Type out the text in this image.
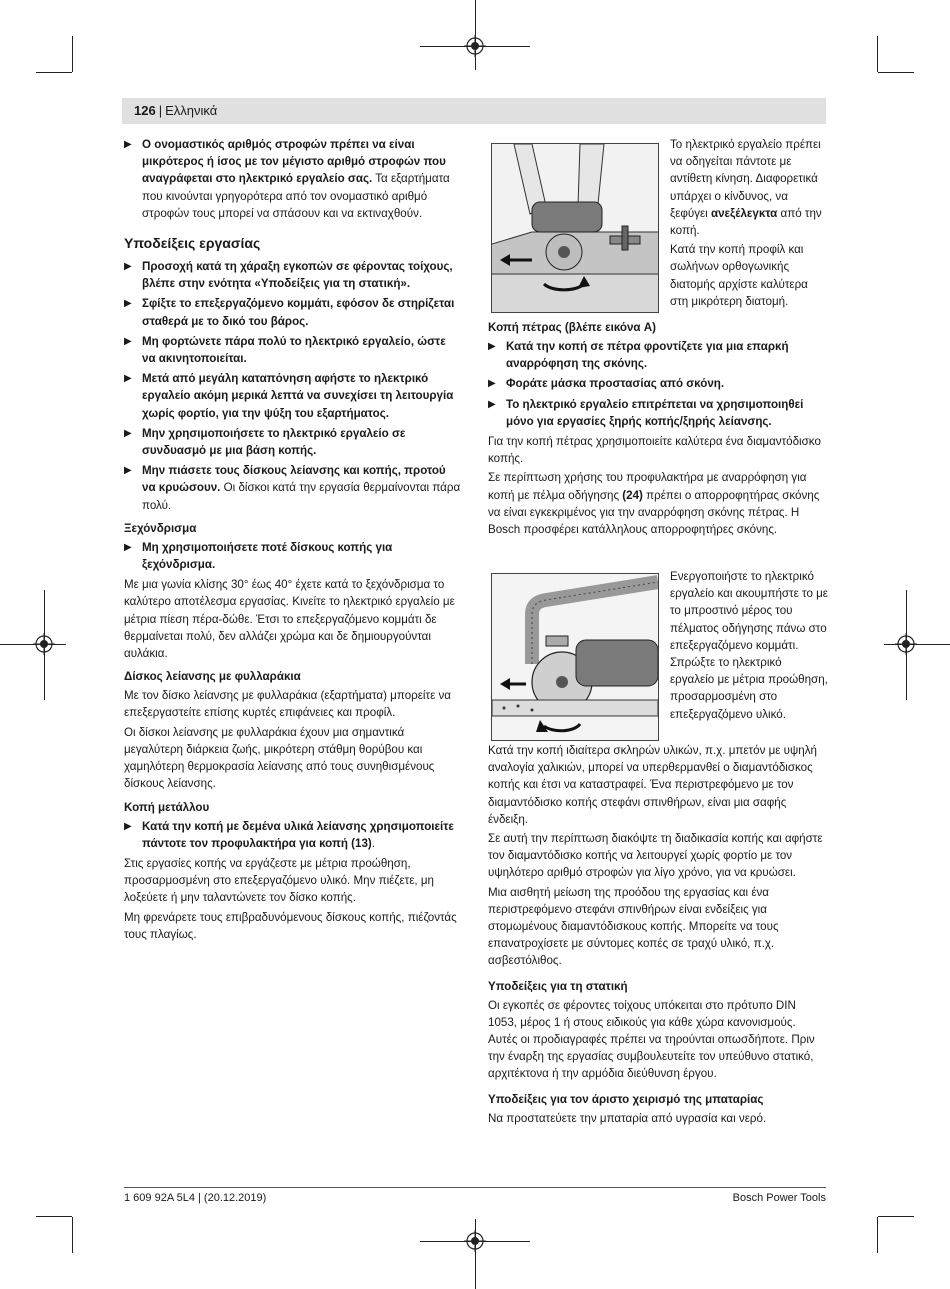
126 | Ελληνικά
▶ Ο ονομαστικός αριθμός στροφών πρέπει να είναι μικρότερος ή ίσος με τον μέγιστο αριθμό στροφών που αναγράφεται στο ηλεκτρικό εργαλείο σας. Τα εξαρτήματα που κινούνται γρηγορότερα από τον ονομαστικό αριθμό στροφών τους μπορεί να σπάσουν και να εκτιναχθούν.
Υποδείξεις εργασίας
▶ Προσοχή κατά τη χάραξη εγκοπών σε φέροντας τοίχους, βλέπε στην ενότητα «Υποδείξεις για τη στατική».
▶ Σφίξτε το επεξεργαζόμενο κομμάτι, εφόσον δε στηρίζεται σταθερά με το δικό του βάρος.
▶ Μη φορτώνετε πάρα πολύ το ηλεκτρικό εργαλείο, ώστε να ακινητοποιείται.
▶ Μετά από μεγάλη καταπόνηση αφήστε το ηλεκτρικό εργαλείο ακόμη μερικά λεπτά να συνεχίσει τη λειτουργία χωρίς φορτίο, για την ψύξη του εξαρτήματος.
▶ Μην χρησιμοποιήσετε το ηλεκτρικό εργαλείο σε συνδυασμό με μια βάση κοπής.
▶ Μην πιάσετε τους δίσκους λείανσης και κοπής, προτού να κρυώσουν. Οι δίσκοι κατά την εργασία θερμαίνονται πάρα πολύ.
Ξεχόνδρισμα
▶ Μη χρησιμοποιήσετε ποτέ δίσκους κοπής για ξεχόνδρισμα.

Με μια γωνία κλίσης 30° έως 40° έχετε κατά το ξεχόνδρισμα το καλύτερο αποτέλεσμα εργασίας. Κινείτε το ηλεκτρικό εργαλείο με μέτρια πίεση πέρα-δώθε. Έτσι το επεξεργαζόμενο κομμάτι δε θερμαίνεται πολύ, δεν αλλάζει χρώμα και δε δημιουργούνται αυλάκια.

Δίσκος λείανσης με φυλλαράκια

Με τον δίσκο λείανσης με φυλλαράκια (εξαρτήματα) μπορείτε να επεξεργαστείτε επίσης κυρτές επιφάνειες και προφίλ.

Οι δίσκοι λείανσης με φυλλαράκια έχουν μια σημαντικά μεγαλύτερη διάρκεια ζωής, μικρότερη στάθμη θορύβου και χαμηλότερη θερμοκρασία λείανσης από τους συνηθισμένους δίσκους λείανσης.

Κοπή μετάλλου
▶ Κατά την κοπή με δεμένα υλικά λείανσης χρησιμοποιείτε πάντοτε τον προφυλακτήρα για κοπή (13).

Στις εργασίες κοπής να εργάζεστε με μέτρια προώθηση, προσαρμοσμένη στο επεξεργαζόμενο υλικό. Μην πιέζετε, μη λοξεύετε ή μην ταλαντώνετε τον δίσκο κοπής.

Μη φρενάρετε τους επιβραδυνόμενους δίσκους κοπής, πιέζοντάς τους πλαγίως.

Το ηλεκτρικό εργαλείο πρέπει να οδηγείται πάντοτε με αντίθετη κίνηση. Διαφορετικά υπάρχει ο κίνδυνος, να ξεφύγει ανεξέλεγκτα από την κοπή.

Κατά την κοπή προφίλ και σωλήνων ορθογωνικής διατομής αρχίστε καλύτερα στη μικρότερη διατομή.

Κοπή πέτρας (βλέπε εικόνα A)
▶ Κατά την κοπή σε πέτρα φροντίζετε για μια επαρκή αναρρόφηση της σκόνης.
▶ Φοράτε μάσκα προστασίας από σκόνη.
▶ Το ηλεκτρικό εργαλείο επιτρέπεται να χρησιμοποιηθεί μόνο για εργασίες ξηρής κοπής/ξηρής λείανσης.

Για την κοπή πέτρας χρησιμοποιείτε καλύτερα ένα διαμαντόδισκο κοπής.

Σε περίπτωση χρήσης του προφυλακτήρα με αναρρόφηση για κοπή με πέλμα οδήγησης (24) πρέπει ο απορροφητήρας σκόνης να είναι εγκεκριμένος για την αναρρόφηση σκόνης πέτρας. Η Bosch προσφέρει κατάλληλους απορροφητήρες σκόνης.

Ενεργοποιήστε το ηλεκτρικό εργαλείο και ακουμπήστε το με το μπροστινό μέρος του πέλματος οδήγησης πάνω στο επεξεργαζόμενο κομμάτι. Σπρώξτε το ηλεκτρικό εργαλείο με μέτρια προώθηση, προσαρμοσμένη στο επεξεργαζόμενο υλικό.

Κατά την κοπή ιδιαίτερα σκληρών υλικών, π.χ. μπετόν με υψηλή αναλογία χαλικιών, μπορεί να υπερθερμανθεί ο διαμαντόδισκος κοπής και έτσι να καταστραφεί. Ένα περιστρεφόμενο με τον διαμαντόδισκο κοπής στεφάνι σπινθήρων, είναι μια σαφής ένδειξη.

Σε αυτή την περίπτωση διακόψτε τη διαδικασία κοπής και αφήστε τον διαμαντόδισκο κοπής να λειτουργεί χωρίς φορτίο με τον υψηλότερο αριθμό στροφών για λίγο χρόνο, για να κρυώσει.

Μια αισθητή μείωση της προόδου της εργασίας και ένα περιστρεφόμενο στεφάνι σπινθήρων είναι ενδείξεις για στομωμένους διαμαντόδισκους κοπής. Μπορείτε να τους επανατροχίσετε με σύντομες κοπές σε τραχύ υλικό, π.χ. ασβεστόλιθος.

Υποδείξεις για τη στατική

Οι εγκοπές σε φέροντες τοίχους υπόκειται στο πρότυπο DIN 1053, μέρος 1 ή στους ειδικούς για κάθε χώρα κανονισμούς. Αυτές οι προδιαγραφές πρέπει να τηρούνται οπωσδήποτε. Πριν την έναρξη της εργασίας συμβουλευτείτε τον υπεύθυνο στατικό, αρχιτέκτονα ή την αρμόδια διεύθυνση έργου.

Υποδείξεις για τον άριστο χειρισμό της μπαταρίας

Να προστατεύετε την μπαταρία από υγρασία και νερό.

1 609 92A 5L4 | (20.12.2019)	Bosch Power Tools
